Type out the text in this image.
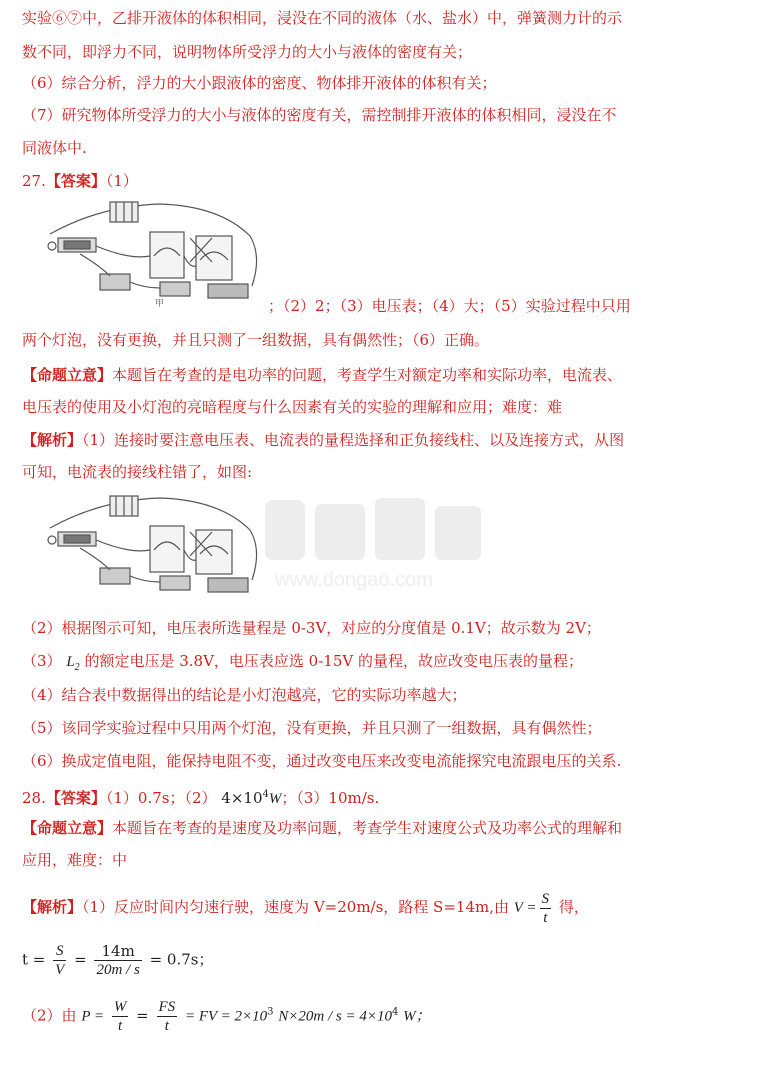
实验⑥⑦中，乙排开液体的体积相同，浸没在不同的液体（水、盐水）中，弹簧测力计的示
数不同，即浮力不同，说明物体所受浮力的大小与液体的密度有关；
（6）综合分析，浮力的大小跟液体的密度、物体排开液体的体积有关；
（7）研究物体所受浮力的大小与液体的密度有关，需控制排开液体的体积相同，浸没在不
同液体中.
27.【答案】（1）
甲	；（2）2；（3）电压表；（4）大；（5）实验过程中只用
两个灯泡，没有更换，并且只测了一组数据，具有偶然性；（6）正确。
【命题立意】本题旨在考查的是电功率的问题，考查学生对额定功率和实际功率，电流表、
电压表的使用及小灯泡的亮暗程度与什么因素有关的实验的理解和应用；难度：难
【解析】（1）连接时要注意电压表、电流表的量程选择和正负接线柱、以及连接方式，从图
可知，电流表的接线柱错了，如图:
www.dongao.com
（2）根据图示可知，电压表所选量程是 0-3V，对应的分度值是 0.1V；故示数为 2V；
（3） $L_2$ 的额定电压是 3.8V，电压表应选 0-15V 的量程，故应改变电压表的量程；
（4）结合表中数据得出的结论是小灯泡越亮，它的实际功率越大；
（5）该同学实验过程中只用两个灯泡，没有更换，并且只测了一组数据，具有偶然性；
（6）换成定值电阻，能保持电阻不变，通过改变电压来改变电流能探究电流跟电压的关系.
28.【答案】（1）0.7s；（2） $4\times 10^4W$；（3）10m/s.
【命题立意】本题旨在考查的是速度及功率问题，考查学生对速度公式及功率公式的理解和
应用，难度：中
【解析】（1）反应时间内匀速行驶，速度为 V=20m/s，路程 S=14m,由 $V = \frac{S}{t}$ 得，
$t = \frac{S}{V} = \frac{14m}{20m / s} = 0.7s$；
（2）由 $P = \frac{W}{t} = \frac{FS}{t}$ = FV = $2\times 10^3$ $N\times 20m / s = 4\times 10^4$ W；
